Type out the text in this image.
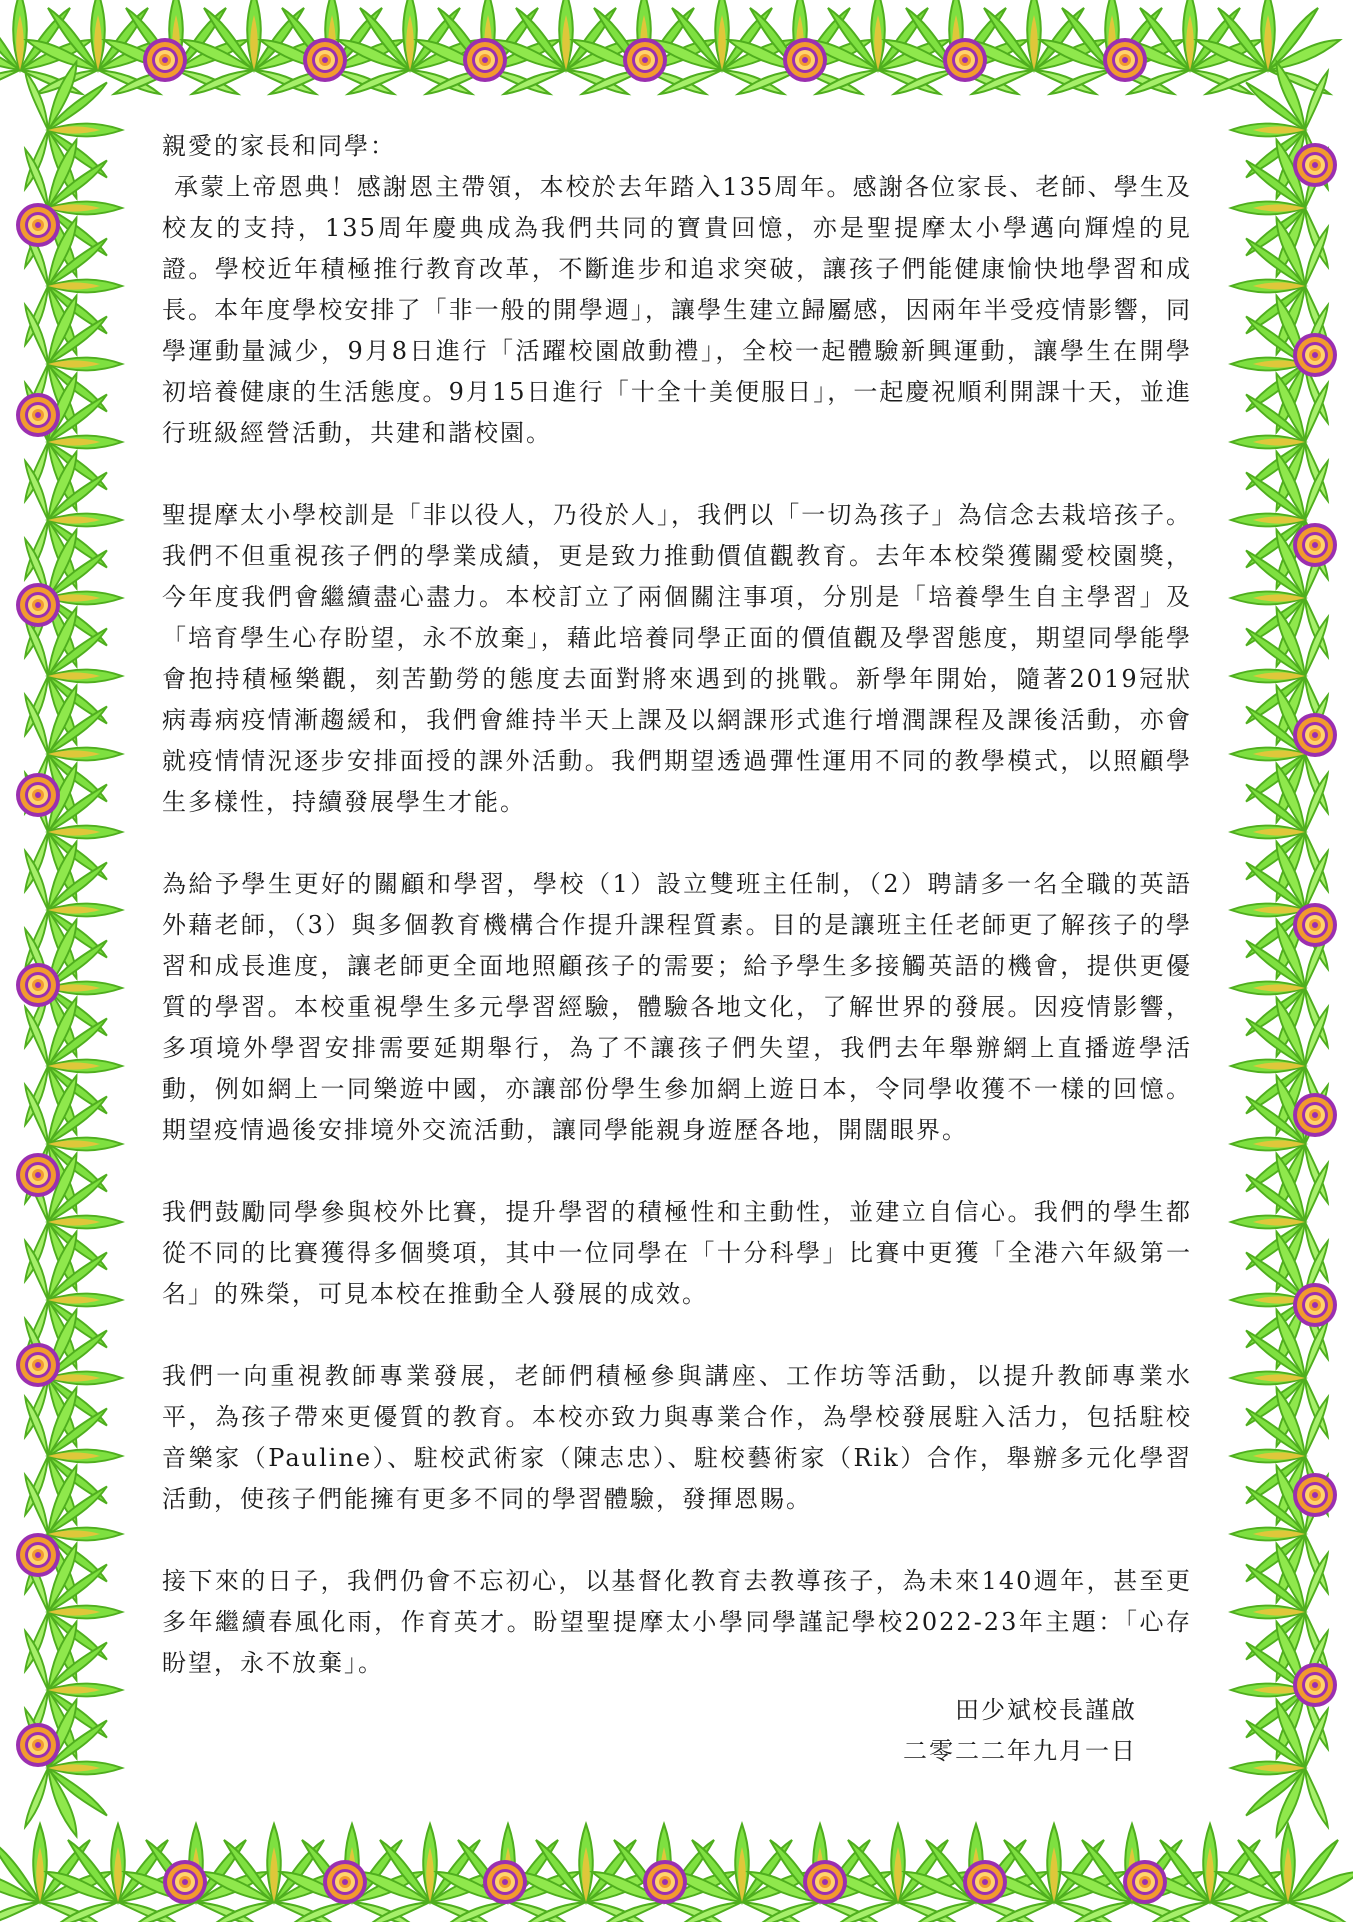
親愛的家長和同學：

承蒙上帝恩典！感謝恩主帶領，本校於去年踏入135周年。感謝各位家長、老師、學生及校友的支持，135周年慶典成為我們共同的寶貴回憶，亦是聖提摩太小學邁向輝煌的見證。學校近年積極推行教育改革，不斷進步和追求突破，讓孩子們能健康愉快地學習和成長。本年度學校安排了「非一般的開學週」，讓學生建立歸屬感，因兩年半受疫情影響，同學運動量減少，9月8日進行「活躍校園啟動禮」，全校一起體驗新興運動，讓學生在開學初培養健康的生活態度。9月15日進行「十全十美便服日」，一起慶祝順利開課十天，並進行班級經營活動，共建和諧校園。

聖提摩太小學校訓是「非以役人，乃役於人」，我們以「一切為孩子」為信念去栽培孩子。我們不但重視孩子們的學業成績，更是致力推動價值觀教育。去年本校榮獲關愛校園獎，今年度我們會繼續盡心盡力。本校訂立了兩個關注事項，分別是「培養學生自主學習」及「培育學生心存盼望，永不放棄」，藉此培養同學正面的價值觀及學習態度，期望同學能學會抱持積極樂觀，刻苦勤勞的態度去面對將來遇到的挑戰。新學年開始，隨著2019冠狀病毒病疫情漸趨緩和，我們會維持半天上課及以網課形式進行增潤課程及課後活動，亦會就疫情情況逐步安排面授的課外活動。我們期望透過彈性運用不同的教學模式，以照顧學生多樣性，持續發展學生才能。

為給予學生更好的關顧和學習，學校（1）設立雙班主任制，（2）聘請多一名全職的英語外藉老師，（3）與多個教育機構合作提升課程質素。目的是讓班主任老師更了解孩子的學習和成長進度，讓老師更全面地照顧孩子的需要；給予學生多接觸英語的機會，提供更優質的學習。本校重視學生多元學習經驗，體驗各地文化，了解世界的發展。因疫情影響，多項境外學習安排需要延期舉行，為了不讓孩子們失望，我們去年舉辦網上直播遊學活動，例如網上一同樂遊中國，亦讓部份學生參加網上遊日本，令同學收獲不一樣的回憶。期望疫情過後安排境外交流活動，讓同學能親身遊歷各地，開闊眼界。

我們鼓勵同學參與校外比賽，提升學習的積極性和主動性，並建立自信心。我們的學生都從不同的比賽獲得多個獎項，其中一位同學在「十分科學」比賽中更獲「全港六年級第一名」的殊榮，可見本校在推動全人發展的成效。

我們一向重視教師專業發展，老師們積極參與講座、工作坊等活動，以提升教師專業水平，為孩子帶來更優質的教育。本校亦致力與專業合作，為學校發展駐入活力，包括駐校音樂家（Pauline）、駐校武術家（陳志忠）、駐校藝術家（Rik）合作，舉辦多元化學習活動，使孩子們能擁有更多不同的學習體驗，發揮恩賜。

接下來的日子，我們仍會不忘初心，以基督化教育去教導孩子，為未來140週年，甚至更多年繼續春風化雨，作育英才。盼望聖提摩太小學同學謹記學校2022-23年主題：「心存盼望，永不放棄」。

田少斌校長謹啟

二零二二年九月一日
